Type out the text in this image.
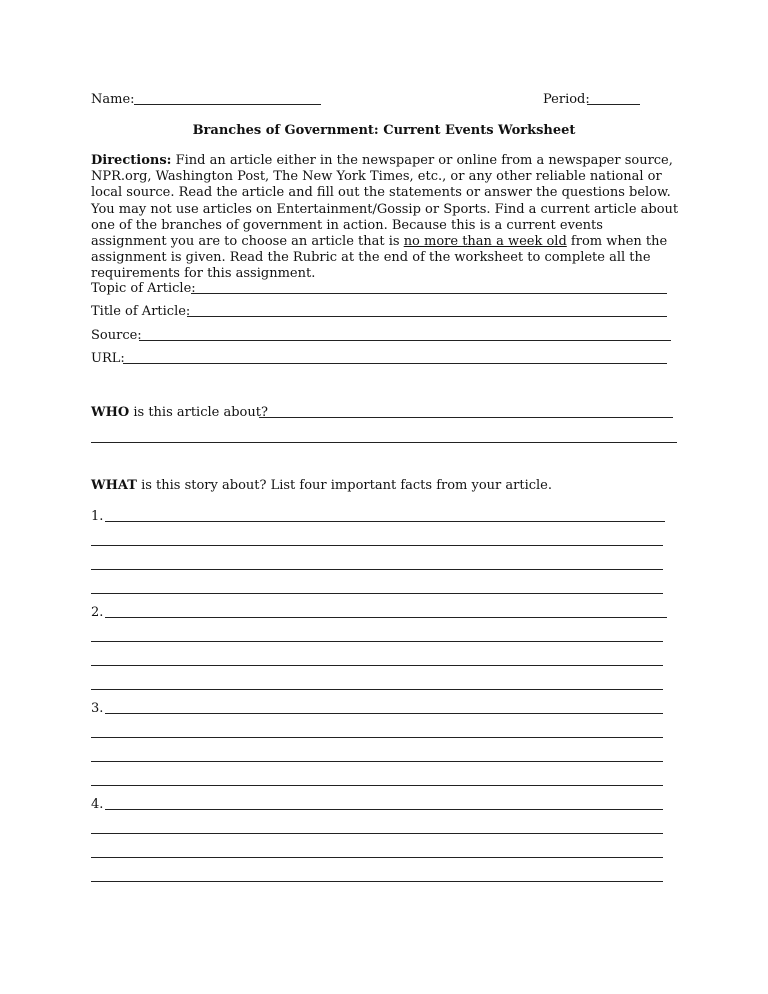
Name:	Period:
Branches of Government: Current Events Worksheet
Directions: Find an article either in the newspaper or online from a newspaper source, NPR.org, Washington Post, The New York Times, etc., or any other reliable national or local source. Read the article and fill out the statements or answer the questions below. You may not use articles on Entertainment/Gossip or Sports. Find a current article about one of the branches of government in action. Because this is a current events assignment you are to choose an article that is no more than a week old from when the assignment is given. Read the Rubric at the end of the worksheet to complete all the requirements for this assignment.
Topic of Article:
Title of Article:
Source:
URL:
WHO is this article about?
WHAT is this story about? List four important facts from your article.
1.
2.
3.
4.
